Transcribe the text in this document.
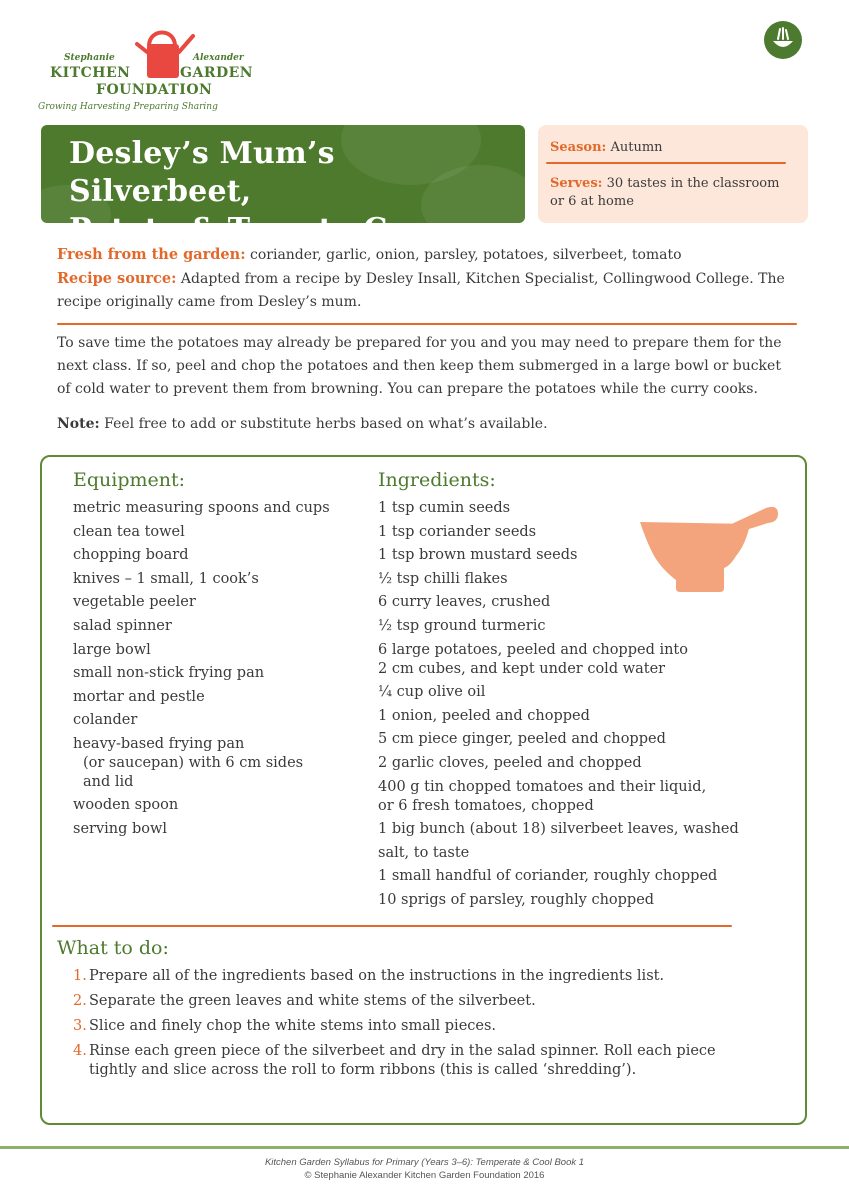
Stephanie	Alexander
KITCHEN	GARDEN
FOUNDATION
Growing Harvesting Preparing Sharing
Desley’s Mum’s Silverbeet,
Potato & Tomato Curry
Season: Autumn
Serves: 30 tastes in the classroom
or 6 at home
Fresh from the garden: coriander, garlic, onion, parsley, potatoes, silverbeet, tomato
Recipe source: Adapted from a recipe by Desley Insall, Kitchen Specialist, Collingwood College. The
recipe originally came from Desley’s mum.
To save time the potatoes may already be prepared for you and you may need to prepare them for the
next class. If so, peel and chop the potatoes and then keep them submerged in a large bowl or bucket
of cold water to prevent them from browning. You can prepare the potatoes while the curry cooks.
Note: Feel free to add or substitute herbs based on what’s available.
Equipment:
metric measuring spoons and cups
clean tea towel
chopping board
knives – 1 small, 1 cook’s
vegetable peeler
salad spinner
large bowl
small non-stick frying pan
mortar and pestle
colander
heavy-based frying pan
(or saucepan) with 6 cm sides
and lid
wooden spoon
serving bowl
Ingredients:
1 tsp cumin seeds
1 tsp coriander seeds
1 tsp brown mustard seeds
½ tsp chilli flakes
6 curry leaves, crushed
½ tsp ground turmeric
6 large potatoes, peeled and chopped into
2 cm cubes, and kept under cold water
¼ cup olive oil
1 onion, peeled and chopped
5 cm piece ginger, peeled and chopped
2 garlic cloves, peeled and chopped
400 g tin chopped tomatoes and their liquid,
or 6 fresh tomatoes, chopped
1 big bunch (about 18) silverbeet leaves, washed
salt, to taste
1 small handful of coriander, roughly chopped
10 sprigs of parsley, roughly chopped
What to do:
1. Prepare all of the ingredients based on the instructions in the ingredients list.
2. Separate the green leaves and white stems of the silverbeet.
3. Slice and finely chop the white stems into small pieces.
4. Rinse each green piece of the silverbeet and dry in the salad spinner. Roll each piece
tightly and slice across the roll to form ribbons (this is called ‘shredding’).
Kitchen Garden Syllabus for Primary (Years 3–6): Temperate & Cool Book 1
© Stephanie Alexander Kitchen Garden Foundation 2016
